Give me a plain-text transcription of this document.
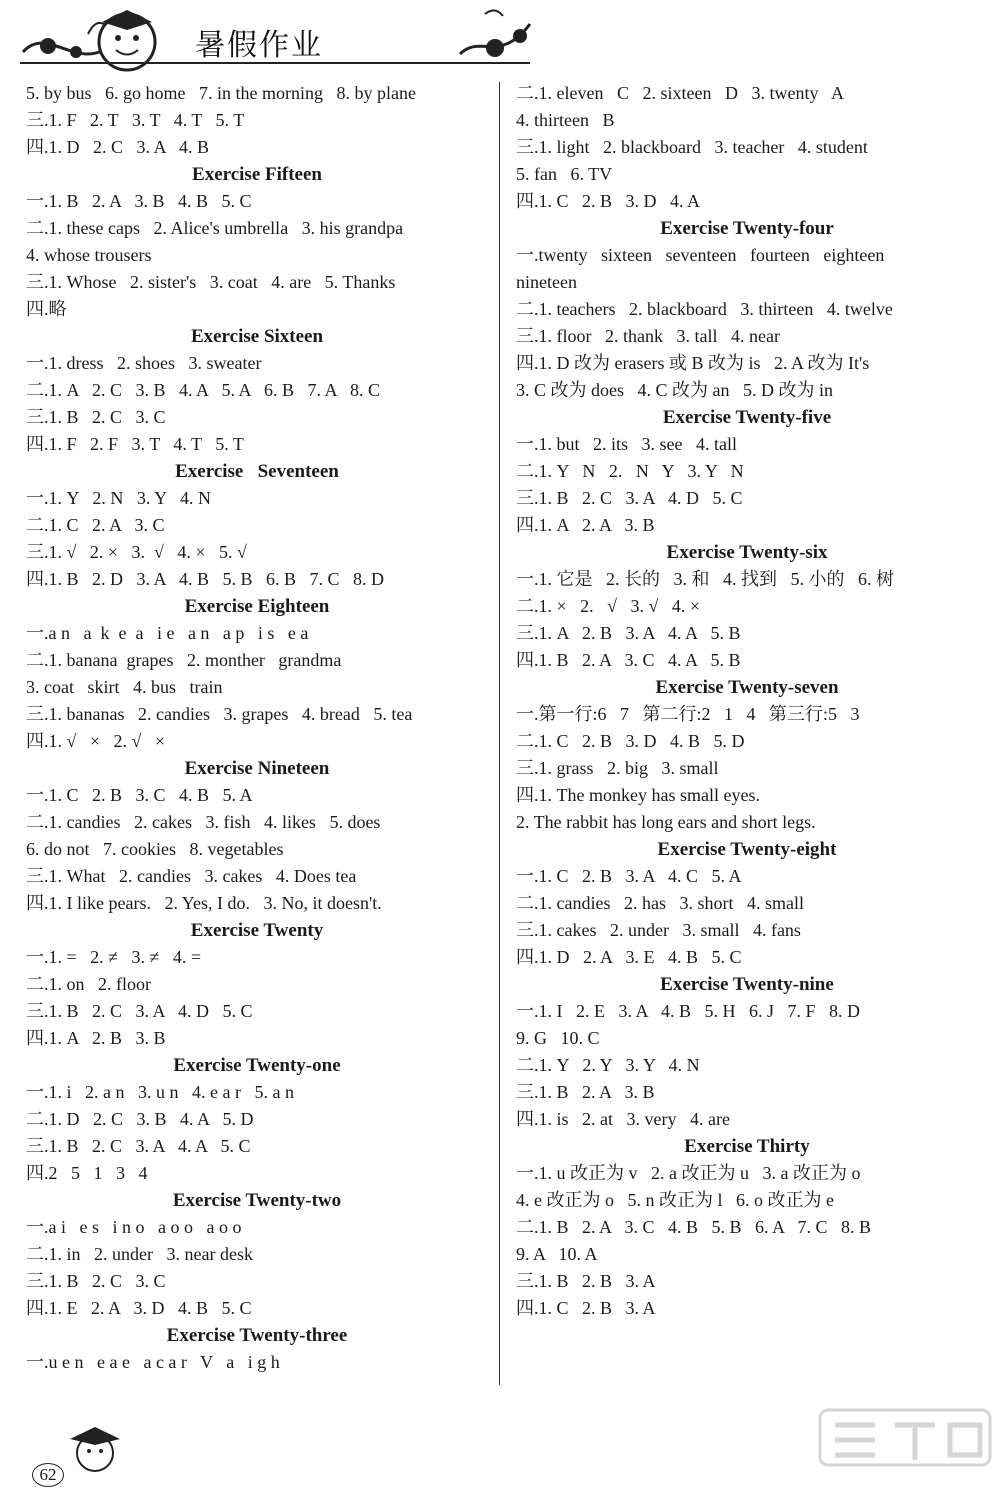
暑假作业
5. by bus   6. go home   7. in the morning   8. by plane
三.1. F   2. T   3. T   4. T   5. T
四.1. D   2. C   3. A   4. B
Exercise Fifteen
一.1. B   2. A   3. B   4. B   5. C
二.1. these caps   2. Alice's umbrella   3. his grandpa
4. whose trousers
三.1. Whose   2. sister's   3. coat   4. are   5. Thanks
四.略
Exercise Sixteen
一.1. dress   2. shoes   3. sweater
二.1. A   2. C   3. B   4. A   5. A   6. B   7. A   8. C
三.1. B   2. C   3. C
四.1. F   2. F   3. T   4. T   5. T
Exercise   Seventeen
一.1. Y   2. N   3. Y   4. N
二.1. C   2. A   3. C
三.1. √   2. ×   3.  √   4. ×   5. √
四.1. B   2. D   3. A   4. B   5. B   6. B   7. C   8. D
Exercise Eighteen
一.a n   a  k  e  a   i e   a n   a p   i s   e a
二.1. banana  grapes   2. monther   grandma
3. coat   skirt   4. bus   train
三.1. bananas   2. candies   3. grapes   4. bread   5. tea
四.1. √   ×   2. √   ×
Exercise Nineteen
一.1. C   2. B   3. C   4. B   5. A
二.1. candies   2. cakes   3. fish   4. likes   5. does
6. do not   7. cookies   8. vegetables
三.1. What   2. candies   3. cakes   4. Does tea
四.1. I like pears.   2. Yes, I do.   3. No, it doesn't.
Exercise Twenty
一.1. =   2. ≠   3. ≠   4. =
二.1. on   2. floor
三.1. B   2. C   3. A   4. D   5. C
四.1. A   2. B   3. B
Exercise Twenty-one
一.1. i   2. a n   3. u n   4. e a r   5. a n
二.1. D   2. C   3. B   4. A   5. D
三.1. B   2. C   3. A   4. A   5. C
四.2   5   1   3   4
Exercise Twenty-two
一.a i   e s   i n o   a o o   a o o
二.1. in   2. under   3. near desk
三.1. B   2. C   3. C
四.1. E   2. A   3. D   4. B   5. C
Exercise Twenty-three
一.u e n   e a e   a c a r   V   a   i g h
二.1. eleven   C   2. sixteen   D   3. twenty   A
4. thirteen   B
三.1. light   2. blackboard   3. teacher   4. student
5. fan   6. TV
四.1. C   2. B   3. D   4. A
Exercise Twenty-four
一.twenty   sixteen   seventeen   fourteen   eighteen
nineteen
二.1. teachers   2. blackboard   3. thirteen   4. twelve
三.1. floor   2. thank   3. tall   4. near
四.1. D 改为 erasers 或 B 改为 is   2. A 改为 It's
3. C 改为 does   4. C 改为 an   5. D 改为 in
Exercise Twenty-five
一.1. but   2. its   3. see   4. tall
二.1. Y   N   2.   N   Y   3. Y   N
三.1. B   2. C   3. A   4. D   5. C
四.1. A   2. A   3. B
Exercise Twenty-six
一.1. 它是   2. 长的   3. 和   4. 找到   5. 小的   6. 树
二.1. ×   2.   √   3. √   4. ×
三.1. A   2. B   3. A   4. A   5. B
四.1. B   2. A   3. C   4. A   5. B
Exercise Twenty-seven
一.第一行:6   7   第二行:2   1   4   第三行:5   3
二.1. C   2. B   3. D   4. B   5. D
三.1. grass   2. big   3. small
四.1. The monkey has small eyes.
2. The rabbit has long ears and short legs.
Exercise Twenty-eight
一.1. C   2. B   3. A   4. C   5. A
二.1. candies   2. has   3. short   4. small
三.1. cakes   2. under   3. small   4. fans
四.1. D   2. A   3. E   4. B   5. C
Exercise Twenty-nine
一.1. I   2. E   3. A   4. B   5. H   6. J   7. F   8. D
9. G   10. C
二.1. Y   2. Y   3. Y   4. N
三.1. B   2. A   3. B
四.1. is   2. at   3. very   4. are
Exercise Thirty
一.1. u 改正为 v   2. a 改正为 u   3. a 改正为 o
4. e 改正为 o   5. n 改正为 l   6. o 改正为 e
二.1. B   2. A   3. C   4. B   5. B   6. A   7. C   8. B
9. A   10. A
三.1. B   2. B   3. A
四.1. C   2. B   3. A
62
